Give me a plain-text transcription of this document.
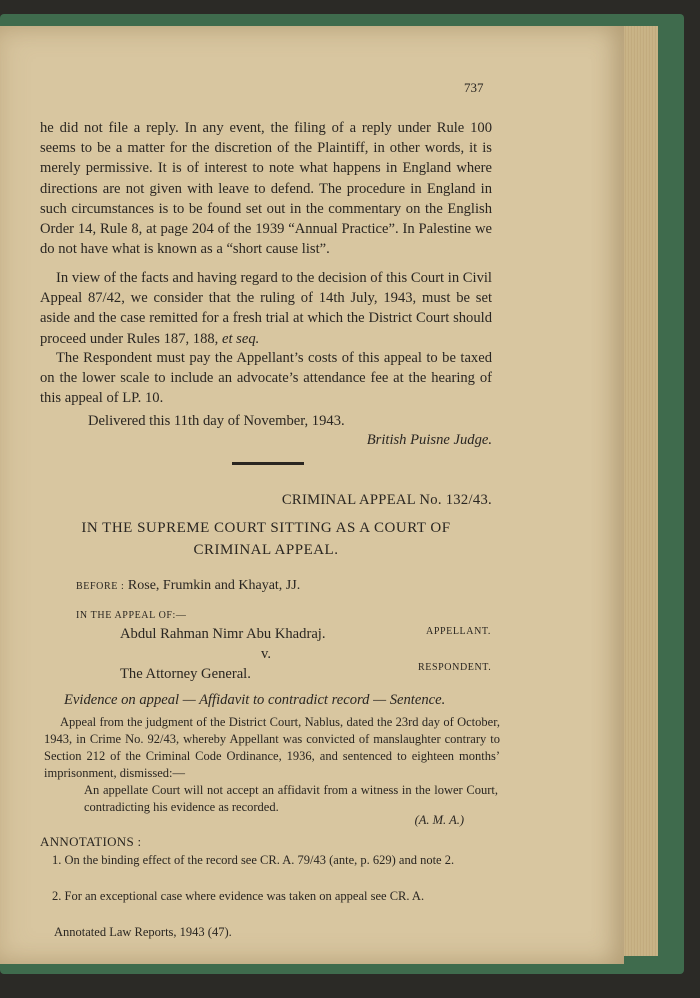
737

he did not file a reply. In any event, the filing of a reply under Rule 100 seems to be a matter for the discretion of the Plaintiff, in other words, it is merely permissive. It is of interest to note what happens in England where directions are not given with leave to defend. The procedure in England in such circumstances is to be found set out in the commentary on the English Order 14, Rule 8, at page 204 of the 1939 “Annual Practice”. In Palestine we do not have what is known as a “short cause list”.

In view of the facts and having regard to the decision of this Court in Civil Appeal 87/42, we consider that the ruling of 14th July, 1943, must be set aside and the case remitted for a fresh trial at which the District Court should proceed under Rules 187, 188, et seq.

The Respondent must pay the Appellant’s costs of this appeal to be taxed on the lower scale to include an advocate’s attendance fee at the hearing of this appeal of LP. 10.

Delivered this 11th day of November, 1943.
British Puisne Judge.
CRIMINAL APPEAL No. 132/43.
IN THE SUPREME COURT SITTING AS A COURT OF
CRIMINAL APPEAL.
BEFORE : Rose, Frumkin and Khayat, JJ.
IN THE APPEAL OF:—
Abdul Rahman Nimr Abu Khadraj.	APPELLANT.
v.
The Attorney General.	RESPONDENT.
Evidence on appeal — Affidavit to contradict record — Sentence.

Appeal from the judgment of the District Court, Nablus, dated the 23rd day of October, 1943, in Crime No. 92/43, whereby Appellant was convicted of manslaughter contrary to Section 212 of the Criminal Code Ordinance, 1936, and sentenced to eighteen months’ imprisonment, dismissed:—

An appellate Court will not accept an affidavit from a witness in the lower Court, contradicting his evidence as recorded.

(A. M. A.)
ANNOTATIONS :

1. On the binding effect of the record see CR. A. 79/43 (ante, p. 629) and note 2.

2. For an exceptional case where evidence was taken on appeal see CR. A.

Annotated Law Reports, 1943 (47).
